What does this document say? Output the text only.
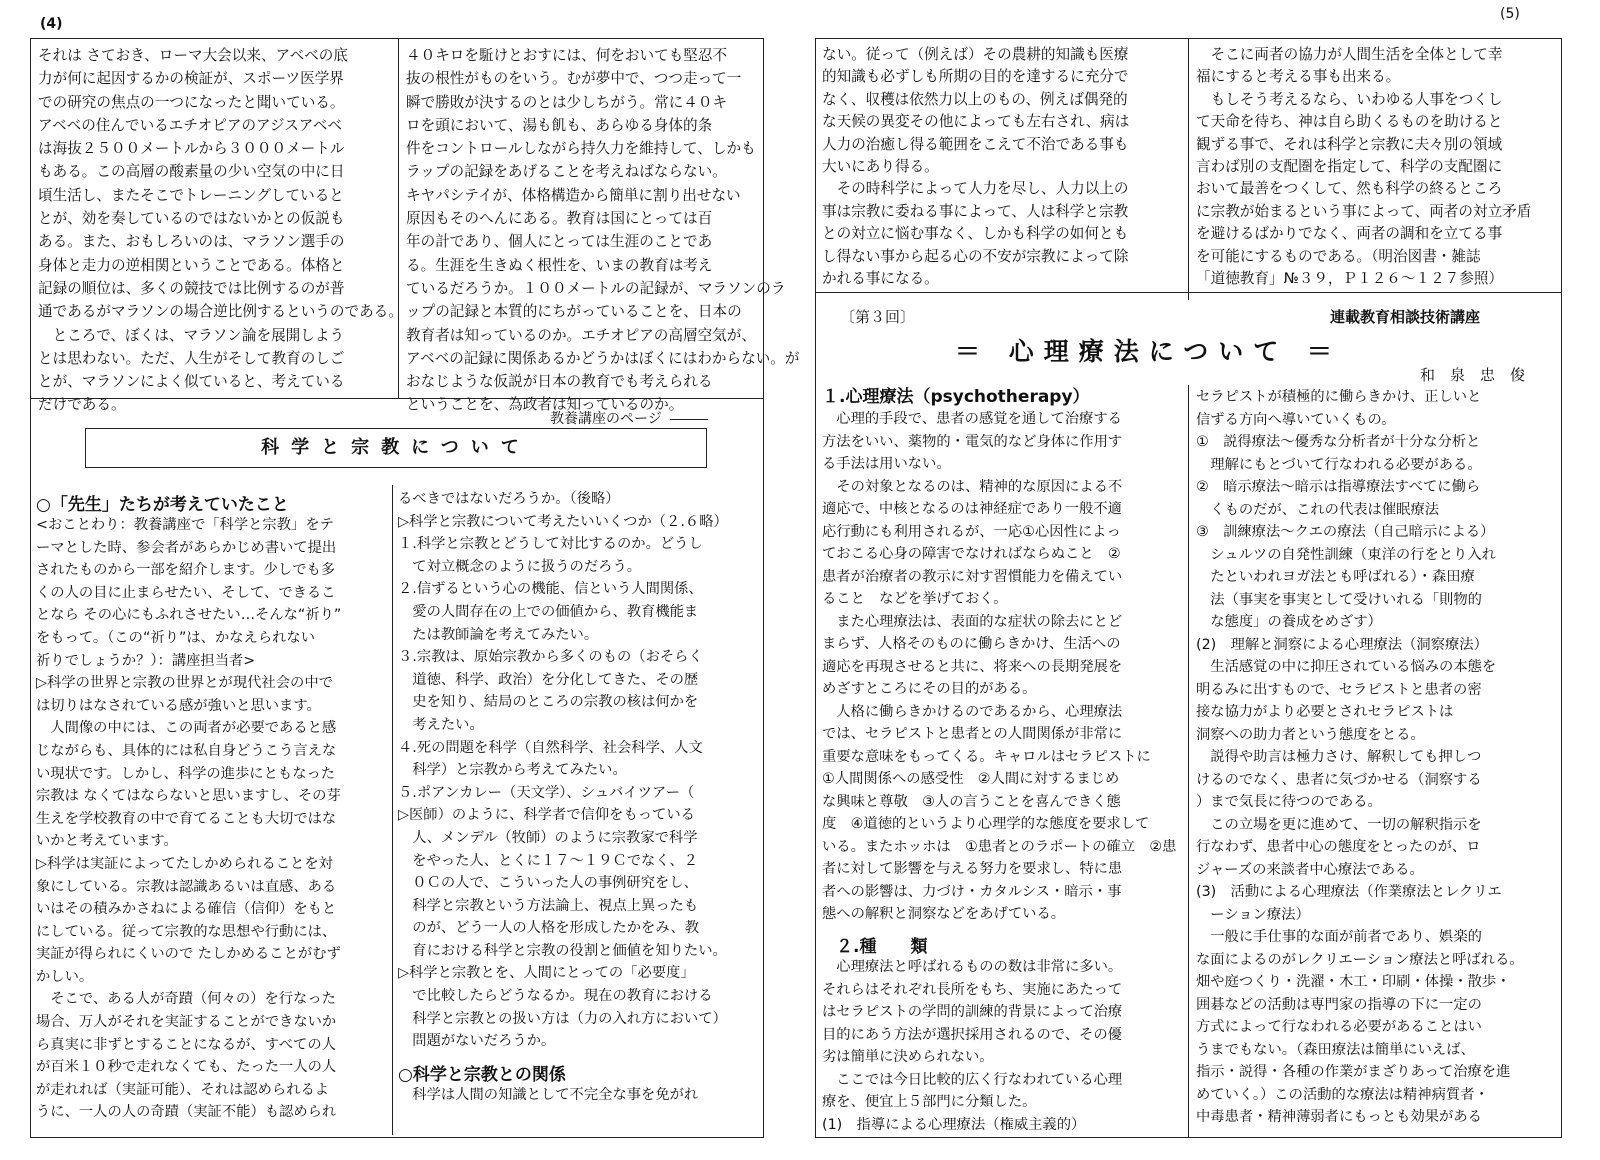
(4)

それは さておき、ローマ大会以来、アベベの底

力が何に起因するかの検証が、スポーツ医学界

での研究の焦点の一つになったと聞いている。

アベベの住んでいるエチオピアのアジスアベベ

は海抜２５００メートルから３０００メートル

もある。この高層の酸素量の少い空気の中に日

頃生活し、またそこでトレーニングしていると

とが、効を奏しているのではないかとの仮説も

ある。また、おもしろいのは、マラソン選手の

身体と走力の逆相関ということである。体格と

記録の順位は、多くの競技では比例するのが普

通であるがマラソンの場合逆比例するというのである。

　ところで、ぼくは、マラソン論を展開しよう

とは思わない。ただ、人生がそして教育のしご

とが、マラソンによく似ていると、考えている

だけである。

４０キロを駈けとおすには、何をおいても堅忍不

抜の根性がものをいう。むが夢中で、つつ走って一

瞬で勝敗が決するのとは少しちがう。常に４０キ

ロを頭において、湯も飢も、あらゆる身体的条

件をコントロールしながら持久力を維持して、しかも

ラップの記録をあげることを考えねばならない。

キヤパシテイが、体格構造から簡単に割り出せない

原因もそのへんにある。教育は国にとっては百

年の計であり、個人にとっては生涯のことであ

る。生涯を生きぬく根性を、いまの教育は考え

ているだろうか。１００メートルの記録が、マラソンのラ

ップの記録と本質的にちがっていることを、日本の

教育者は知っているのか。エチオピアの高層空気が、

アベベの記録に関係あるかどうかはぼくにはわからない。が

おなじような仮説が日本の教育でも考えられる

ということを、為政者は知っているのか。

教養講座のページ
科学と宗教について
○「先生」たちが考えていたこと

<おことわり：教養講座で「科学と宗教」をテ

ーマとした時、参会者があらかじめ書いて提出

されたものから一部を紹介します。少しでも多

くの人の目に止まらせたい、そして、できるこ

となら その心にもふれさせたい…そんな“祈り”

をもって。（この“祈り”は、かなえられない

祈りでしょうか？）：講座担当者>

▷科学の世界と宗教の世界とが現代社会の中で

は切りはなされている感が強いと思います。

　人間像の中には、この両者が必要であると感

じながらも、具体的には私自身どうこう言えな

い現状です。しかし、科学の進歩にともなった

宗教は なくてはならないと思いますし、その芽

生えを学校教育の中で育てることも大切ではな

いかと考えています。

▷科学は実証によってたしかめられることを対

象にしている。宗教は認識あるいは直感、ある

いはその積みかさねによる確信（信仰）をもと

にしている。従って宗教的な思想や行動には、

実証が得られにくいので たしかめることがむず

かしい。

　そこで、ある人が奇蹟（何々の）を行なった

場合、万人がそれを実証することができないか

ら真実に非ずとすることになるが、すべての人

が百米１０秒で走れなくても、たった一人の人

が走れれば（実証可能）、それは認められるよ

うに、一人の人の奇蹟（実証不能）も認められ

るべきではないだろうか。（後略）

▷科学と宗教について考えたいいくつか（２.６略）

１.科学と宗教とどうして対比するのか。どうし

　て対立概念のように扱うのだろう。

２.信ずるという心の機能、信という人間関係、

　愛の人間存在の上での価値から、教育機能ま

　たは教師論を考えてみたい。

３.宗教は、原始宗教から多くのもの（おそらく

　道徳、科学、政治）を分化してきた、その歴

　史を知り、結局のところの宗教の核は何かを

　考えたい。

４.死の問題を科学（自然科学、社会科学、人文

　科学）と宗教から考えてみたい。

５.ポアンカレー（天文学）、シュバイツアー（

▷医師）のように、科学者で信仰をもっている

　人、メンデル（牧師）のように宗教家で科学

　をやった人、とくに１７～１９Ｃでなく、２

　０Ｃの人で、こういった人の事例研究をし、

　科学と宗教という方法論上、視点上異ったも

　のが、どう一人の人格を形成したかをみ、教

　育における科学と宗教の役割と価値を知りたい。

▷科学と宗教とを、人間にとっての「必要度」

　で比較したらどうなるか。現在の教育における

　科学と宗教との扱い方は（力の入れ方において）

　問題がないだろうか。

○科学と宗教との関係

　科学は人間の知識として不完全な事を免がれ

(5)

ない。従って（例えば）その農耕的知識も医療

的知識も必ずしも所期の目的を達するに充分で

なく、収穫は依然力以上のもの、例えば偶発的

な天候の異変その他によっても左右され、病は

人力の治癒し得る範囲をこえて不治である事も

大いにあり得る。

　その時科学によって人力を尽し、人力以上の

事は宗教に委ねる事によって、人は科学と宗教

との対立に悩む事なく、しかも科学の如何とも

し得ない事から起る心の不安が宗教によって除

かれる事になる。

　そこに両者の協力が人間生活を全体として幸

福にすると考える事も出来る。

　もしそう考えるなら、いわゆる人事をつくし

て天命を待ち、神は自ら助くるものを助けると

観ずる事で、それは科学と宗教に夫々別の領域

言わば別の支配圏を指定して、科学の支配圏に

おいて最善をつくして、然も科学の終るところ

に宗教が始まるという事によって、両者の対立矛盾

を避けるばかりでなく、両者の調和を立てる事

を可能にするものである。（明治図書・雑誌

「道徳教育」№３９，Ｐ１２６～１２７参照）

〔第３回〕	連載教育相談技術講座
＝ 心理療法について ＝
和　泉　忠　俊
１.心理療法（psychotherapy）

　心理的手段で、患者の感覚を通して治療する

方法をいい、薬物的・電気的など身体に作用す

る手法は用いない。

　その対象となるのは、精神的な原因による不

適応で、中核となるのは神経症であり一般不適

応行動にも利用されるが、一応①心因性によっ

ておこる心身の障害でなければならぬこと　②

患者が治療者の教示に対す習慣能力を備えてい

ること　などを挙げておく。

　また心理療法は、表面的な症状の除去にとど

まらず、人格そのものに働らきかけ、生活への

適応を再現させると共に、将来への長期発展を

めざすところにその目的がある。

　人格に働らきかけるのであるから、心理療法

では、セラピストと患者との人間関係が非常に

重要な意味をもってくる。キャロルはセラピストに

①人間関係への感受性　②人間に対するまじめ

な興味と尊敬　③人の言うことを喜んできく態

度　④道徳的というより心理学的な態度を要求して

いる。またホッホは　①患者とのラポートの確立　②患

者に対して影響を与える努力を要求し、特に患

者への影響は、力づけ・カタルシス・暗示・事

態への解釈と洞察などをあげている。

２.種　　類

　心理療法と呼ばれるものの数は非常に多い。

それらはそれぞれ長所をもち、実施にあたって

はセラピストの学問的訓練的背景によって治療

目的にあう方法が選択採用されるので、その優

劣は簡単に決められない。

　ここでは今日比較的広く行なわれている心理

療を、便宜上５部門に分類した。

(1)　指導による心理療法（権威主義的）

セラピストが積極的に働らきかけ、正しいと

信ずる方向へ導いていくもの。

①　説得療法～優秀な分析者が十分な分析と

　理解にもとづいて行なわれる必要がある。

②　暗示療法～暗示は指導療法すべてに働ら

　くものだが、これの代表は催眠療法

③　訓練療法～クエの療法（自己暗示による）

　シュルツの自発性訓練（東洋の行をとり入れ

　たといわれヨガ法とも呼ばれる）・森田療

　法（事実を事実として受けいれる「則物的

　な態度」の養成をめざす）

(2)　理解と洞察による心理療法（洞察療法）

　生活感覚の中に抑圧されている悩みの本態を

明るみに出すもので、セラピストと患者の密

接な協力がより必要とされセラピストは

洞察への助力者という態度をとる。

　説得や助言は極力さけ、解釈しても押しつ

けるのでなく、患者に気づかせる（洞察する

）まで気長に待つのである。

　この立場を更に進めて、一切の解釈指示を

行なわず、患者中心の態度をとったのが、ロ

ジャーズの来談者中心療法である。

(3)　活動による心理療法（作業療法とレクリエ

　ーション療法）

　一般に手仕事的な面が前者であり、娯楽的

な面によるのがレクリエーション療法と呼ばれる。

畑や庭つくり・洗濯・木工・印刷・体操・散歩・

囲碁などの活動は専門家の指導の下に一定の

方式によって行なわれる必要があることはい

うまでもない。（森田療法は簡単にいえば、

指示・説得・各種の作業がまざりあって治療を進

めていく。）この活動的な療法は精神病質者・

中毒患者・精神薄弱者にもっとも効果がある
